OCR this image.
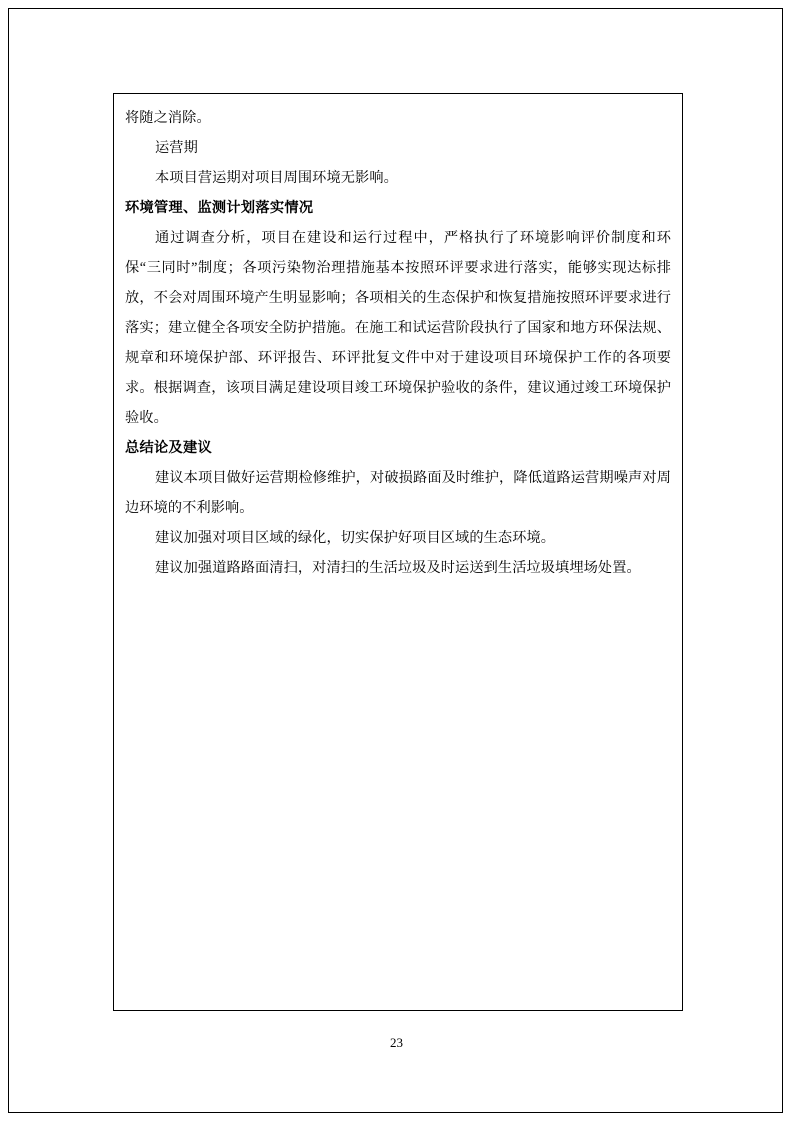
将随之消除。

运营期

本项目营运期对项目周围环境无影响。

环境管理、监测计划落实情况

通过调查分析，项目在建设和运行过程中，严格执行了环境影响评价制度和环保“三同时”制度；各项污染物治理措施基本按照环评要求进行落实，能够实现达标排放，不会对周围环境产生明显影响；各项相关的生态保护和恢复措施按照环评要求进行落实；建立健全各项安全防护措施。在施工和试运营阶段执行了国家和地方环保法规、规章和环境保护部、环评报告、环评批复文件中对于建设项目环境保护工作的各项要求。根据调查，该项目满足建设项目竣工环境保护验收的条件，建议通过竣工环境保护验收。

总结论及建议

建议本项目做好运营期检修维护，对破损路面及时维护，降低道路运营期噪声对周边环境的不利影响。

建议加强对项目区域的绿化，切实保护好项目区域的生态环境。

建议加强道路路面清扫，对清扫的生活垃圾及时运送到生活垃圾填埋场处置。

23
